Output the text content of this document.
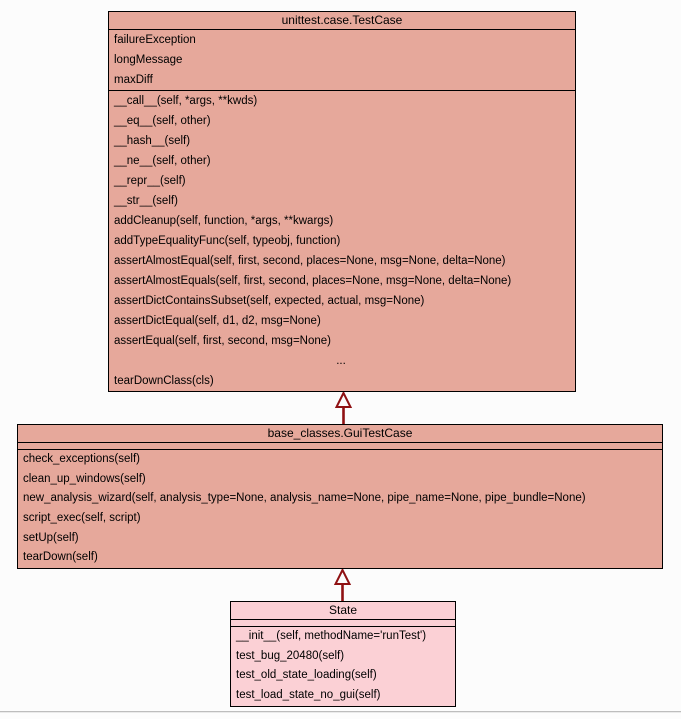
unittest.case.TestCase
failureException
longMessage
maxDiff
__call__(self, *args, **kwds)
__eq__(self, other)
__hash__(self)
__ne__(self, other)
__repr__(self)
__str__(self)
addCleanup(self, function, *args, **kwargs)
addTypeEqualityFunc(self, typeobj, function)
assertAlmostEqual(self, first, second, places=None, msg=None, delta=None)
assertAlmostEquals(self, first, second, places=None, msg=None, delta=None)
assertDictContainsSubset(self, expected, actual, msg=None)
assertDictEqual(self, d1, d2, msg=None)
assertEqual(self, first, second, msg=None)
...
tearDownClass(cls)
base_classes.GuiTestCase
check_exceptions(self)
clean_up_windows(self)
new_analysis_wizard(self, analysis_type=None, analysis_name=None, pipe_name=None, pipe_bundle=None)
script_exec(self, script)
setUp(self)
tearDown(self)
State
__init__(self, methodName='runTest')
test_bug_20480(self)
test_old_state_loading(self)
test_load_state_no_gui(self)
